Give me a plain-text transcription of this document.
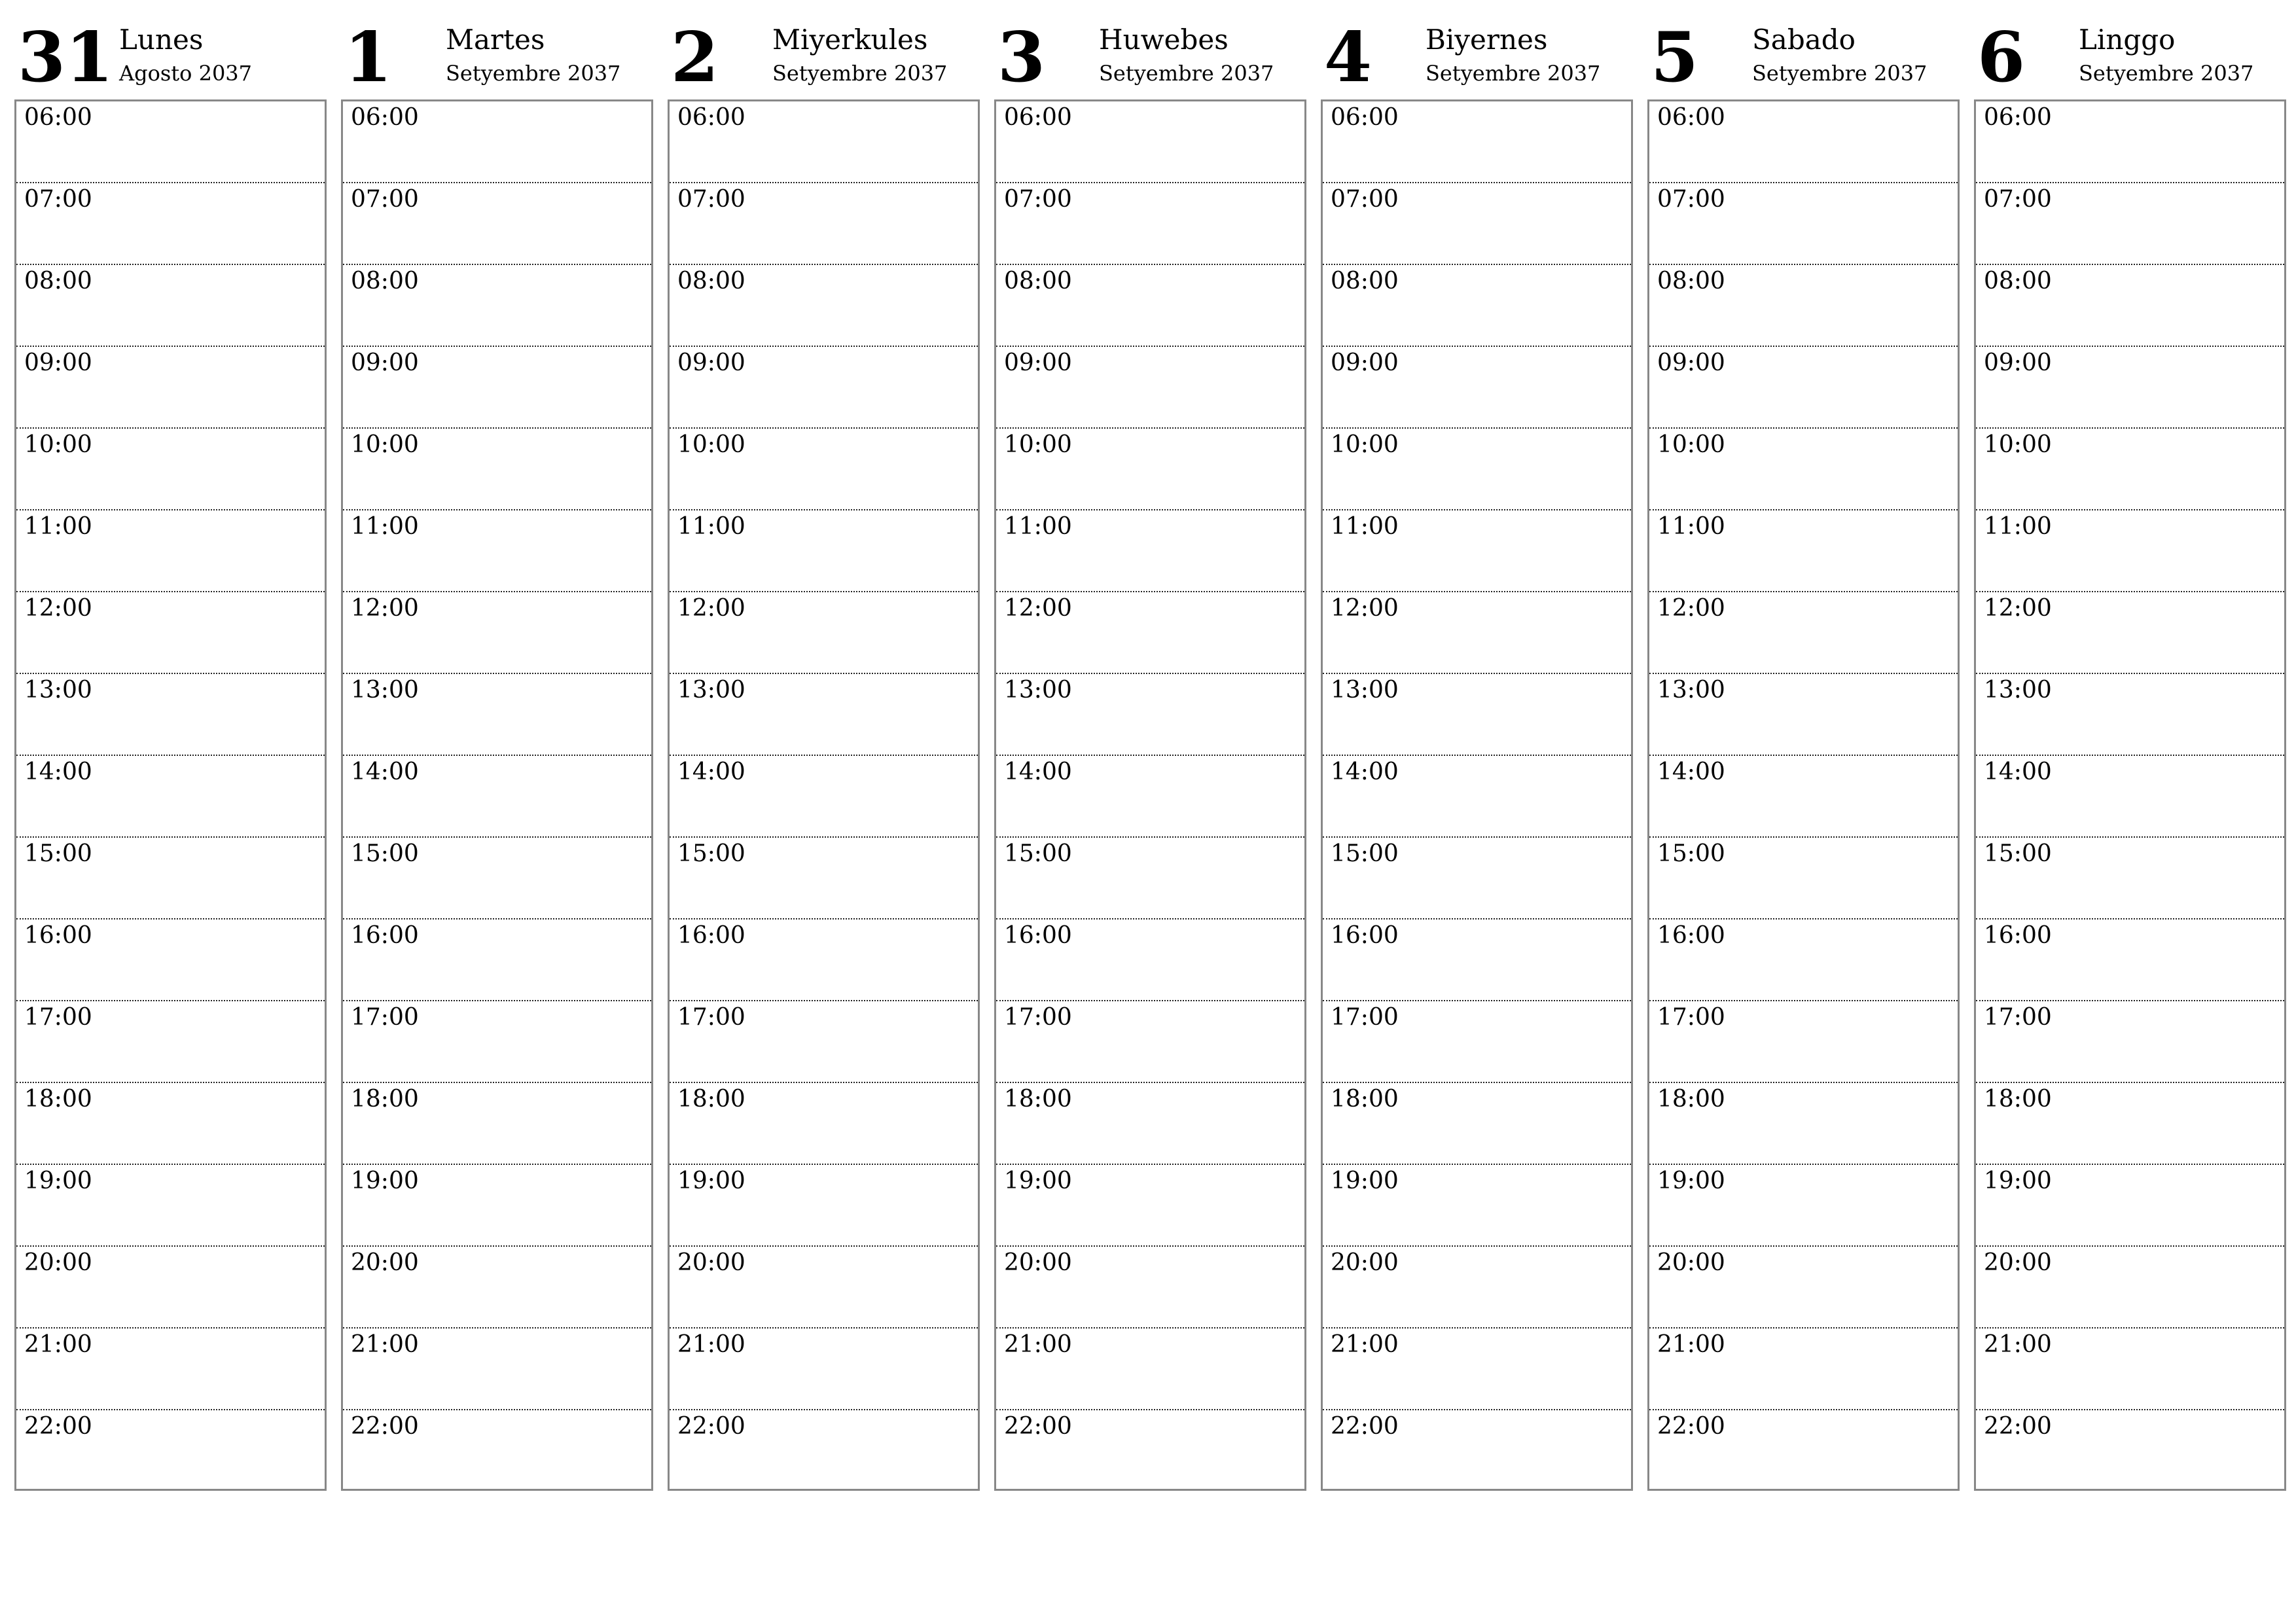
31 Lunes
Agosto 2037
06:00
07:00
08:00
09:00
10:00
11:00
12:00
13:00
14:00
15:00
16:00
17:00
18:00
19:00
20:00
21:00
22:00
1 Martes
Setyembre 2037
06:00
07:00
08:00
09:00
10:00
11:00
12:00
13:00
14:00
15:00
16:00
17:00
18:00
19:00
20:00
21:00
22:00
2 Miyerkules
Setyembre 2037
06:00
07:00
08:00
09:00
10:00
11:00
12:00
13:00
14:00
15:00
16:00
17:00
18:00
19:00
20:00
21:00
22:00
3 Huwebes
Setyembre 2037
06:00
07:00
08:00
09:00
10:00
11:00
12:00
13:00
14:00
15:00
16:00
17:00
18:00
19:00
20:00
21:00
22:00
4 Biyernes
Setyembre 2037
06:00
07:00
08:00
09:00
10:00
11:00
12:00
13:00
14:00
15:00
16:00
17:00
18:00
19:00
20:00
21:00
22:00
5 Sabado
Setyembre 2037
06:00
07:00
08:00
09:00
10:00
11:00
12:00
13:00
14:00
15:00
16:00
17:00
18:00
19:00
20:00
21:00
22:00
6 Linggo
Setyembre 2037
06:00
07:00
08:00
09:00
10:00
11:00
12:00
13:00
14:00
15:00
16:00
17:00
18:00
19:00
20:00
21:00
22:00
